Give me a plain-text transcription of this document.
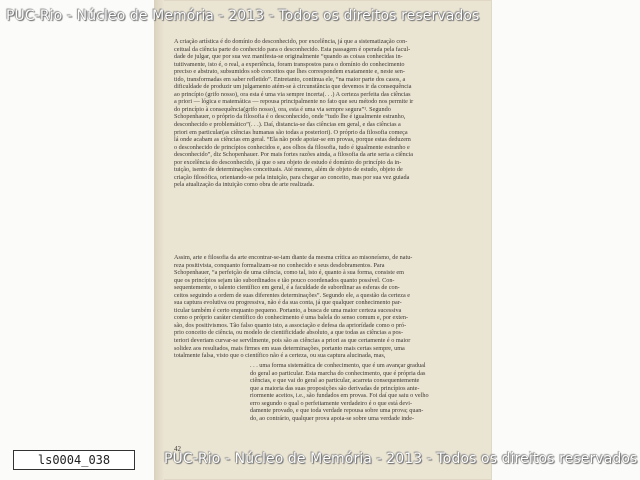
A criação artística é do domínio do desconhecido, por excelência, já que a sistematização con-
ceitual da ciência parte do conhecido para o desconhecido. Esta passagem é operada pela facul-
dade de julgar, que por sua vez manifesta-se originalmente “quando as coisas conhecidas in-
tuitivamente, isto é, o real, a experiência, foram transpostos para o domínio do conhecimento
preciso e abstrato, subsumidos sob conceitos que lhes correspondem exatamente e, neste sen-
tido, transformadas em saber refletido”. Entretanto, continua ele, “na maior parte dos casos, a
dificuldade de produzir um julgamento atém-se à circunstância que devemos ir da consequência
ao princípio (grifo nosso), ora esta é uma via sempre incerta(. . .) A certeza perfeita das ciências
a priori — lógica e matemática — repousa principalmente no fato que seu método nos permite ir
do princípio à consequência(grifo nosso), ora, esta é uma via sempre segura”¹. Segundo
Schopenhauer, o próprio da filosofia é o desconhecido, onde “tudo lhe é igualmente estranho,
desconhecido e problemático”(. . .). Daí, distancia-se das ciências em geral, e das ciências a
priori em particular(as ciências humanas são todas a posteriori). O próprio da filosofia começa
lá onde acabam as ciências em geral. “Ela não pode apoiar-se em provas, porque estas deduzem
o desconhecido de princípios conhecidos e, aos olhos da filosofia, tudo é igualmente estranho e
desconhecido”, diz Schopenhauer. Por mais fortes razões ainda, a filosofia da arte seria a ciência
por excelência do desconhecido, já que o seu objeto de estudo é domínio do princípio da in-
tuição, isento de determinações conceituais. Até mesmo, além de objeto de estudo, objeto de
criação filosófica, orientando-se pela intuição, para chegar ao conceito, mas por sua vez guiada
pela atualização da intuição como obra de arte realizada.
Assim, arte e filosofia da arte encontrar-se-iam diante da mesma crítica ao misoneísmo, de natu-
reza positivista, conquanto formalizam-se no conhecido e seus desdobramentos. Para
Schopenhauer, “a perfeição de uma ciência, como tal, isto é, quanto à sua forma, consiste em
que os princípios sejam tão subordinados e tão pouco coordenados quanto possível. Con-
sequentemente, o talento científico em geral, é a faculdade de subordinar as esferas de con-
ceitos seguindo a ordem de suas diferentes determinações”. Segundo ele, a questão da certeza e
sua captura evolutiva ou progressiva, não é da sua conta, já que qualquer conhecimento par-
ticular também é certo enquanto pequeno. Portanto, a busca de uma maior certeza sucessiva
como o próprio caráter científico do conhecimento é uma balela do senso comum e, por exten-
são, dos positivismos. Tão falso quanto isto, a associação e defesa da apriorídade como o pró-
prio conceito de ciência, ou modelo de cientificidade absoluto, a que todas as ciências a pos-
teriori deveriam curvar-se servilmente, pois são as ciências a priori as que certamente é o maior
solidez aos resultados, mais firmes em suas determinações, portanto mais certas sempre, uma
totalmente falsa, visto que o científico não é a certeza, ou sua captura alucinada, mas,
. . . uma forma sistemática de conhecimento, que é um avançar gradual
do geral ao particular. Esta marcha do conhecimento, que é própria das
ciências, e que vai do geral ao particular, acarreta consequentemente
que a maioria das suas proposições são derivadas de princípios ante-
riormente aceitos, i.e., são fundados em provas. Foi daí que saiu o velho
erro segundo o qual o perfeitamente verdadeiro é o que está devi-
damente provado, e que toda verdade repousa sobre uma prova; quan-
do, ao contrário, qualquer prova apoia-se sobre uma verdade inde-
42
PUC-Rio - Núcleo de Memória - 2013 - Todos os direitos reservados
PUC-Rio - Núcleo de Memória - 2013 - Todos os direitos reservados
ls0004_038
